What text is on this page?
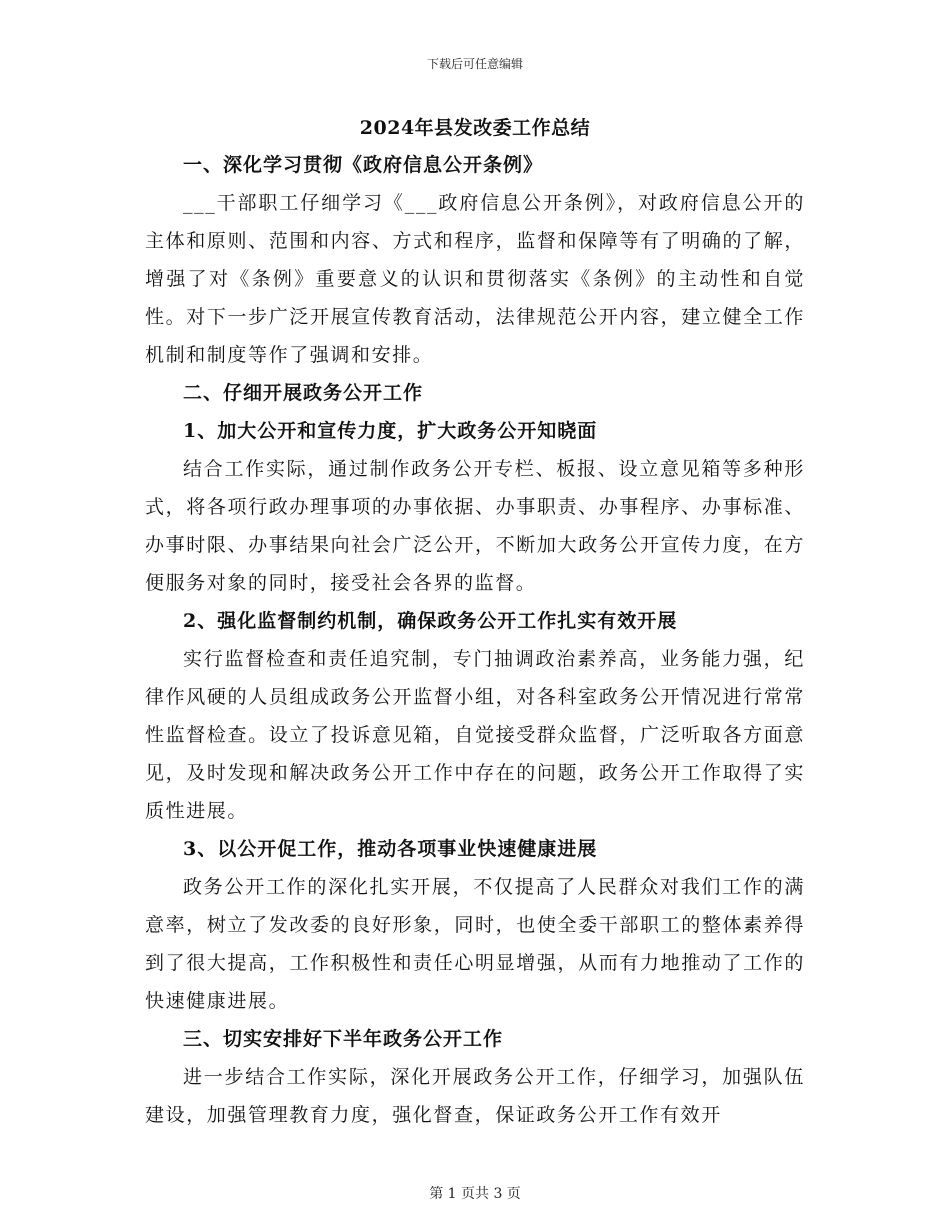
下载后可任意编辑
2024年县发改委工作总结

一、深化学习贯彻《政府信息公开条例》

___干部职工仔细学习《___政府信息公开条例》，对政府信息公开的主体和原则、范围和内容、方式和程序，监督和保障等有了明确的了解，增强了对《条例》重要意义的认识和贯彻落实《条例》的主动性和自觉性。对下一步广泛开展宣传教育活动，法律规范公开内容，建立健全工作机制和制度等作了强调和安排。

二、仔细开展政务公开工作

1、加大公开和宣传力度，扩大政务公开知晓面

结合工作实际，通过制作政务公开专栏、板报、设立意见箱等多种形式，将各项行政办理事项的办事依据、办事职责、办事程序、办事标准、办事时限、办事结果向社会广泛公开，不断加大政务公开宣传力度，在方便服务对象的同时，接受社会各界的监督。

2、强化监督制约机制，确保政务公开工作扎实有效开展

实行监督检查和责任追究制，专门抽调政治素养高，业务能力强，纪律作风硬的人员组成政务公开监督小组，对各科室政务公开情况进行常常性监督检查。设立了投诉意见箱，自觉接受群众监督，广泛听取各方面意见，及时发现和解决政务公开工作中存在的问题，政务公开工作取得了实质性进展。

3、以公开促工作，推动各项事业快速健康进展

政务公开工作的深化扎实开展，不仅提高了人民群众对我们工作的满意率，树立了发改委的良好形象，同时，也使全委干部职工的整体素养得到了很大提高，工作积极性和责任心明显增强，从而有力地推动了工作的快速健康进展。

三、切实安排好下半年政务公开工作

进一步结合工作实际，深化开展政务公开工作，仔细学习，加强队伍建设，加强管理教育力度，强化督查，保证政务公开工作有效开

第 1 页共 3 页
